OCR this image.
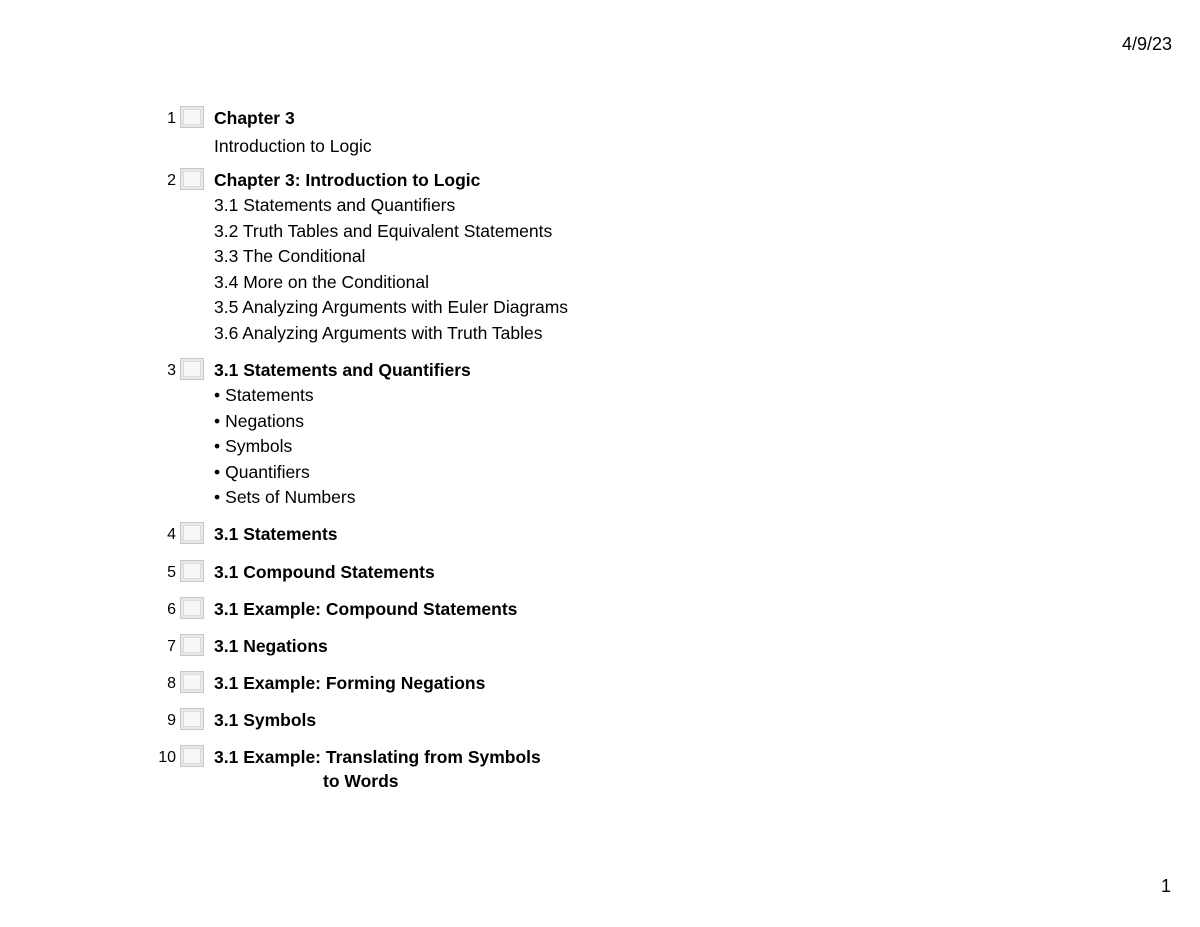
4/9/23
1 Chapter 3
Introduction to Logic
2 Chapter 3: Introduction to Logic
3.1 Statements and Quantifiers
3.2 Truth Tables and Equivalent Statements
3.3 The Conditional
3.4 More on the Conditional
3.5 Analyzing Arguments with Euler Diagrams
3.6 Analyzing Arguments with Truth Tables
3 3.1 Statements and Quantifiers
• Statements
• Negations
• Symbols
• Quantifiers
• Sets of Numbers
4 3.1 Statements
5 3.1 Compound Statements
6 3.1 Example: Compound Statements
7 3.1 Negations
8 3.1 Example: Forming Negations
9 3.1 Symbols
10 3.1 Example: Translating from Symbols
to Words
1
